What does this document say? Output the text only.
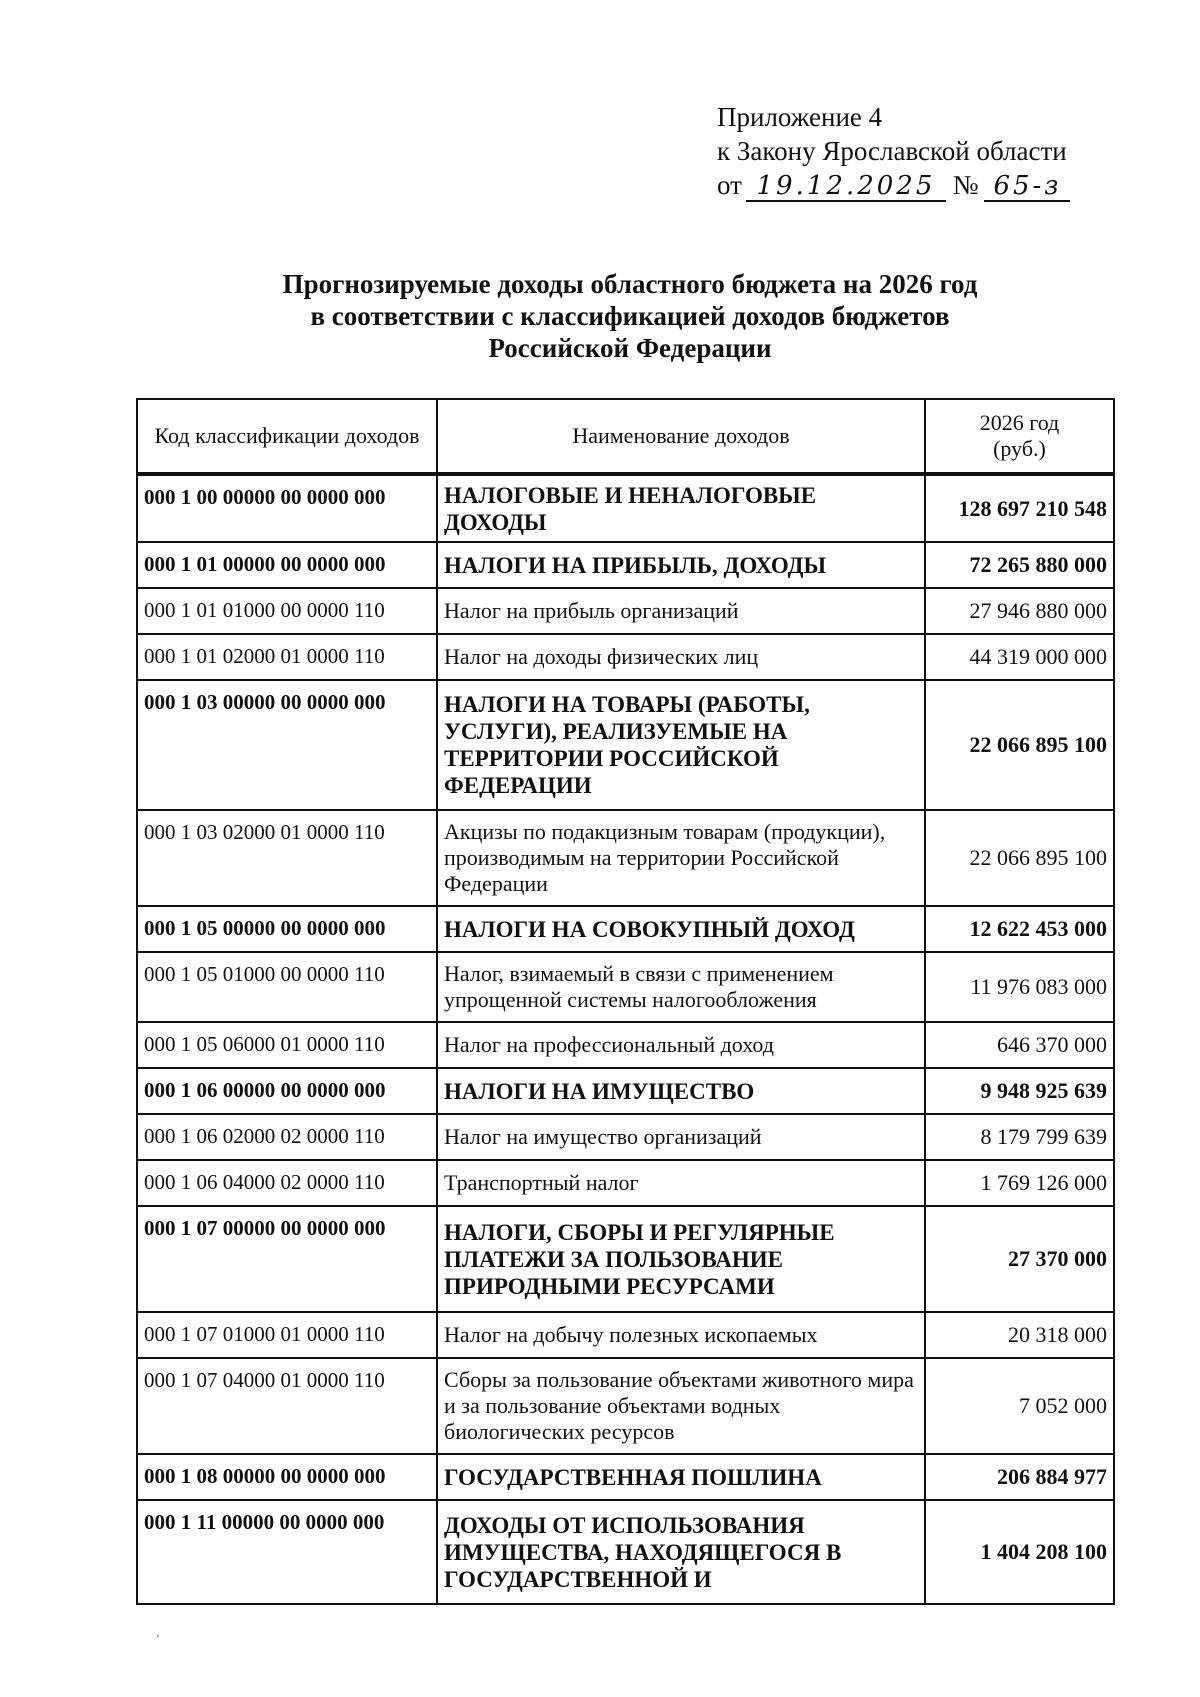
Приложение 4
к Закону Ярославской области
от 19.12.2025 № 65-з
Прогнозируемые доходы областного бюджета на 2026 год
в соответствии с классификацией доходов бюджетов
Российской Федерации
Код классификации доходов	Наименование доходов	2026 год
(руб.)

000 1 00 00000 00 0000 000	НАЛОГОВЫЕ И НЕНАЛОГОВЫЕ ДОХОДЫ	128 697 210 548
000 1 01 00000 00 0000 000	НАЛОГИ НА ПРИБЫЛЬ, ДОХОДЫ	72 265 880 000
000 1 01 01000 00 0000 110	Налог на прибыль организаций	27 946 880 000
000 1 01 02000 01 0000 110	Налог на доходы физических лиц	44 319 000 000
000 1 03 00000 00 0000 000	НАЛОГИ НА ТОВАРЫ (РАБОТЫ, УСЛУГИ), РЕАЛИЗУЕМЫЕ НА ТЕРРИТОРИИ РОССИЙСКОЙ ФЕДЕРАЦИИ	22 066 895 100
000 1 03 02000 01 0000 110	Акцизы по подакцизным товарам (продукции), производимым на территории Российской Федерации	22 066 895 100
000 1 05 00000 00 0000 000	НАЛОГИ НА СОВОКУПНЫЙ ДОХОД	12 622 453 000
000 1 05 01000 00 0000 110	Налог, взимаемый в связи с применением упрощенной системы налогообложения	11 976 083 000
000 1 05 06000 01 0000 110	Налог на профессиональный доход	646 370 000
000 1 06 00000 00 0000 000	НАЛОГИ НА ИМУЩЕСТВО	9 948 925 639
000 1 06 02000 02 0000 110	Налог на имущество организаций	8 179 799 639
000 1 06 04000 02 0000 110	Транспортный налог	1 769 126 000
000 1 07 00000 00 0000 000	НАЛОГИ, СБОРЫ И РЕГУЛЯРНЫЕ ПЛАТЕЖИ ЗА ПОЛЬЗОВАНИЕ ПРИРОДНЫМИ РЕСУРСАМИ	27 370 000
000 1 07 01000 01 0000 110	Налог на добычу полезных ископаемых	20 318 000
000 1 07 04000 01 0000 110	Сборы за пользование объектами животного мира и за пользование объектами водных биологических ресурсов	7 052 000
000 1 08 00000 00 0000 000	ГОСУДАРСТВЕННАЯ ПОШЛИНА	206 884 977
000 1 11 00000 00 0000 000	ДОХОДЫ ОТ ИСПОЛЬЗОВАНИЯ ИМУЩЕСТВА, НАХОДЯЩЕГОСЯ В ГОСУДАРСТВЕННОЙ И	1 404 208 100
,
